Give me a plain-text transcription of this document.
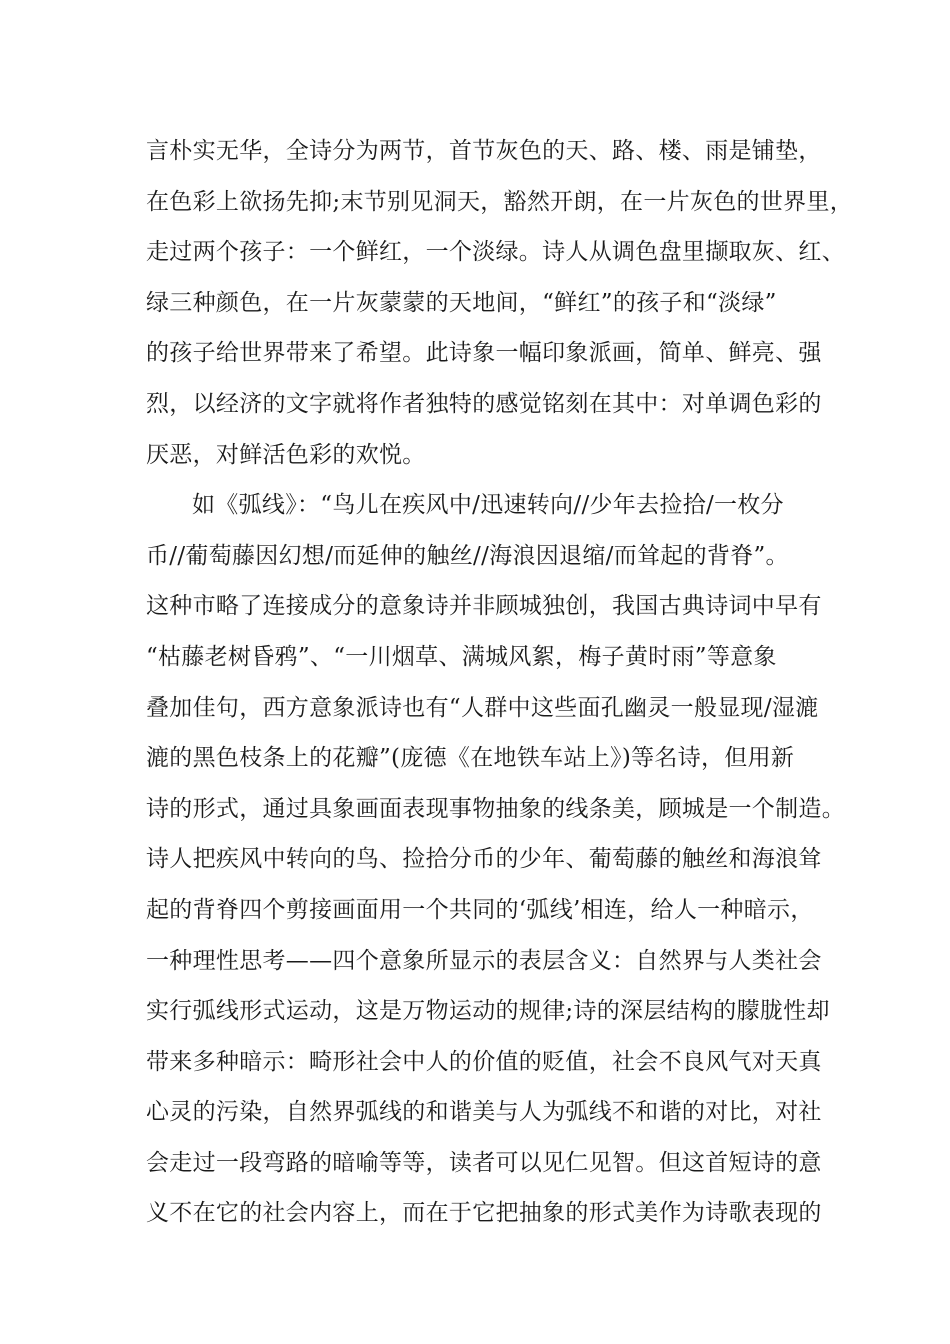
言朴实无华，全诗分为两节，首节灰色的天、路、楼、雨是铺垫，
在色彩上欲扬先抑;末节别见洞天，豁然开朗，在一片灰色的世界里，
走过两个孩子：一个鲜红，一个淡绿。诗人从调色盘里撷取灰、红、
绿三种颜色，在一片灰蒙蒙的天地间，“鲜红”的孩子和“淡绿”
的孩子给世界带来了希望。此诗象一幅印象派画，简单、鲜亮、强
烈，以经济的文字就将作者独特的感觉铭刻在其中：对单调色彩的
厌恶，对鲜活色彩的欢悦。
如《弧线》：“鸟儿在疾风中/迅速转向//少年去捡拾/一枚分
币//葡萄藤因幻想/而延伸的触丝//海浪因退缩/而耸起的背脊”。
这种市略了连接成分的意象诗并非顾城独创，我国古典诗词中早有
“枯藤老树昏鸦”、“一川烟草、满城风絮，梅子黄时雨”等意象
叠加佳句，西方意象派诗也有“人群中这些面孔幽灵一般显现/湿漉
漉的黑色枝条上的花瓣”(庞德《在地铁车站上》)等名诗，但用新
诗的形式，通过具象画面表现事物抽象的线条美，顾城是一个制造。
诗人把疾风中转向的鸟、捡拾分币的少年、葡萄藤的触丝和海浪耸
起的背脊四个剪接画面用一个共同的‘弧线’相连，给人一种暗示，
一种理性思考——四个意象所显示的表层含义：自然界与人类社会
实行弧线形式运动，这是万物运动的规律;诗的深层结构的朦胧性却
带来多种暗示：畸形社会中人的价值的贬值，社会不良风气对天真
心灵的污染，自然界弧线的和谐美与人为弧线不和谐的对比，对社
会走过一段弯路的暗喻等等，读者可以见仁见智。但这首短诗的意
义不在它的社会内容上，而在于它把抽象的形式美作为诗歌表现的
